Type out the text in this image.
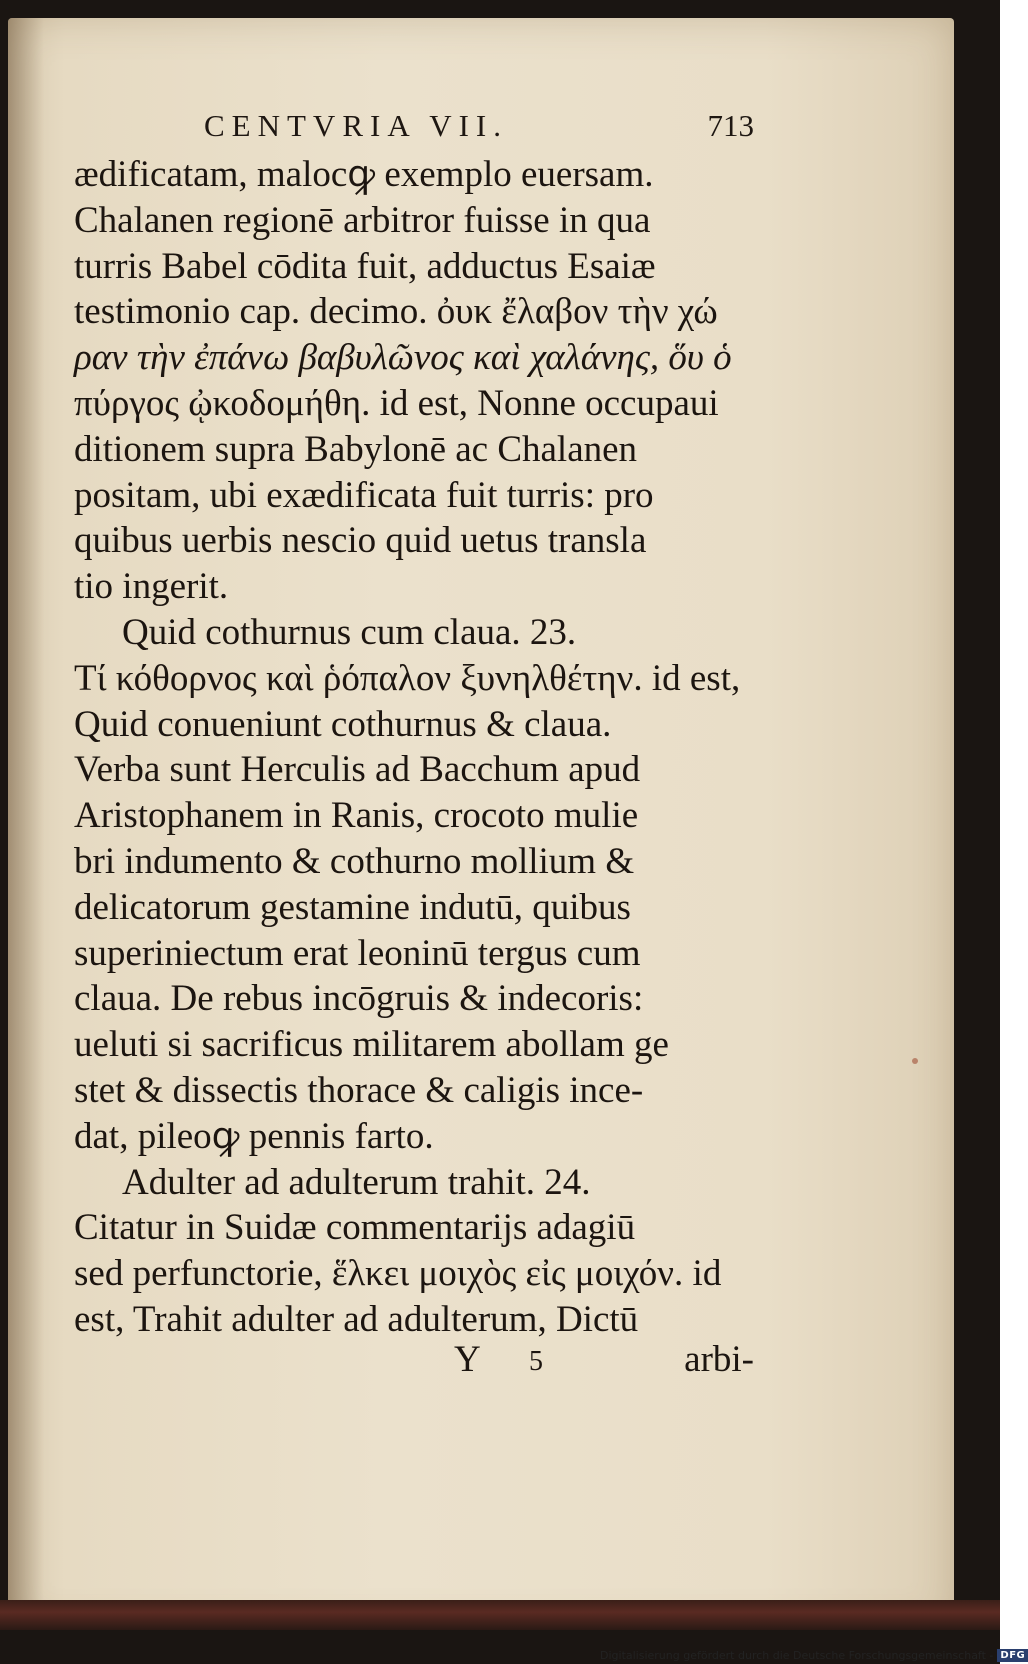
CENTVRIA VII.	713
ædificatam, malocꝙ exemplo euersam.
Chalanen regionē arbitror fuisse in qua
turris Babel cōdita fuit, adductus Esaiæ
testimonio cap. decimo. ὀυκ ἔλαβον τὴν χώ
ραν τὴν ἐπάνω βαβυλῶνος καὶ χαλάνης, ὅυ ὁ
πύργος ᾠκοδομήθη. id est, Nonne occupaui
ditionem supra Babylonē ac Chalanen
positam, ubi exædificata fuit turris: pro
quibus uerbis nescio quid uetus transla
tio ingerit.
Quid cothurnus cum claua. 23.
Τί κόθορνος καὶ ῥόπαλον ξυνηλθέτην. id est,
Quid conueniunt cothurnus & claua.
Verba sunt Herculis ad Bacchum apud
Aristophanem in Ranis, crocoto mulie
bri indumento & cothurno mollium &
delicatorum gestamine indutū, quibus
superiniectum erat leoninū tergus cum
claua. De rebus incōgruis & indecoris:
ueluti si sacrificus militarem abollam ge
stet & dissectis thorace & caligis ince-
dat, pileoꝙ pennis farto.
Adulter ad adulterum trahit. 24.
Citatur in Suidæ commentarijs adagiū
sed perfunctorie, ἕλκει μοιχὸς εἰς μοιχόν. id
est, Trahit adulter ad adulterum, Dictū
Y 5	arbi-
Digitalisierung gefördert durch die Deutsche Forschungsgemeinschaft - DFG
